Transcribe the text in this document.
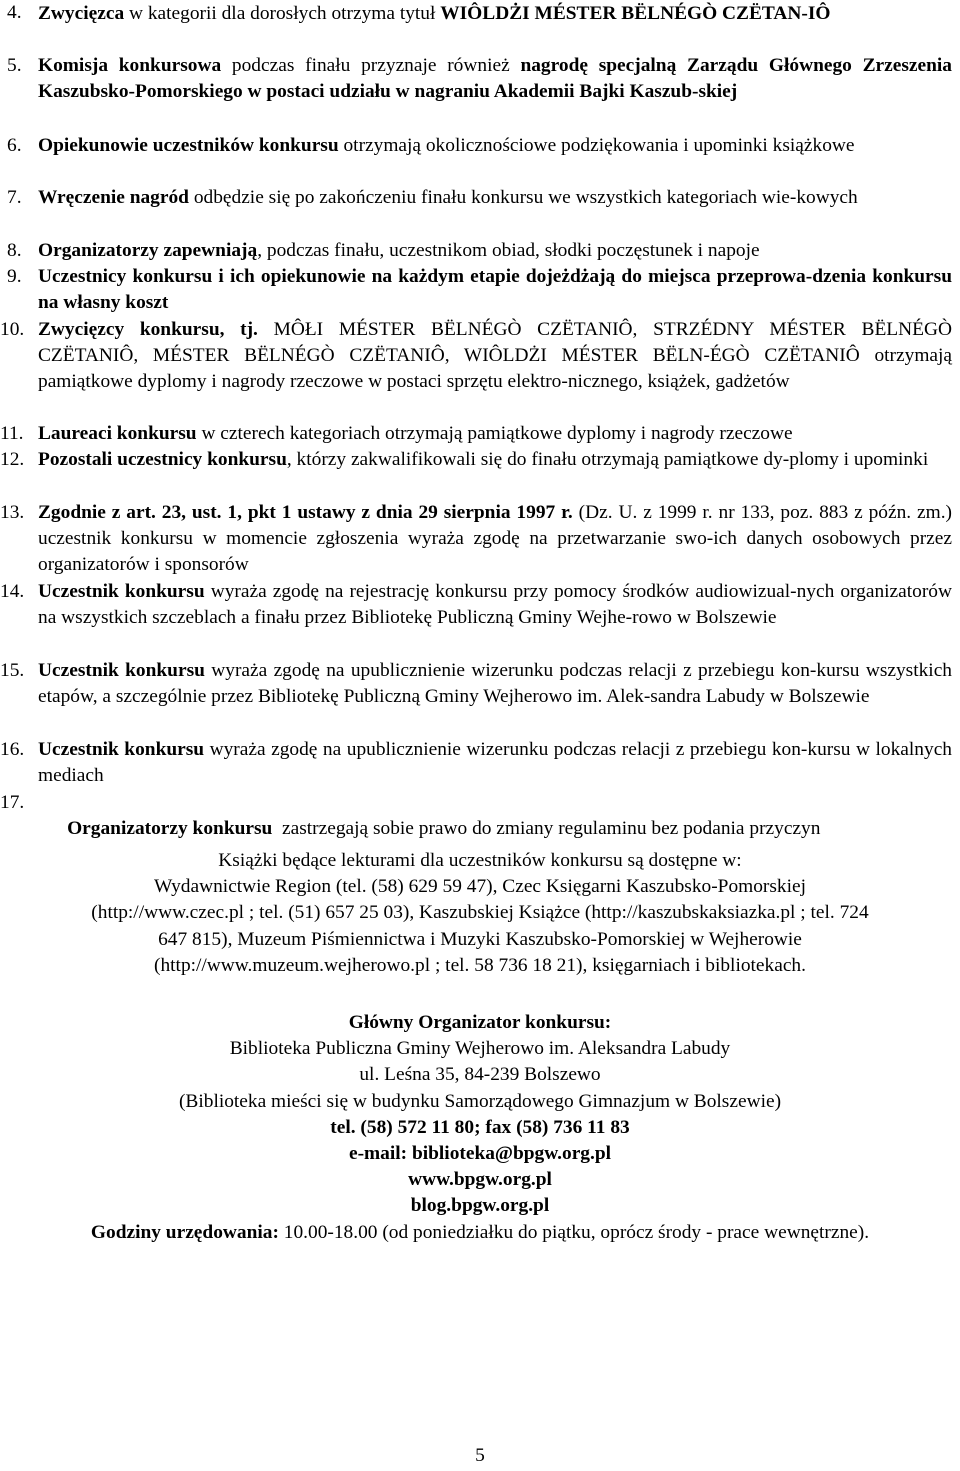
4. Zwycięzca w kategorii dla dorosłych otrzyma tytuł WIÔLDŻI MÉSTER BËLNÉGÒ CZËTAN-IÔ
5. Komisja konkursowa podczas finału przyznaje również nagrodę specjalną Zarządu Głównego Zrzeszenia Kaszubsko-Pomorskiego w postaci udziału w nagraniu Akademii Bajki Kaszub-skiej
6. Opiekunowie uczestników konkursu otrzymają okolicznościowe podziękowania i upominki książkowe
7. Wręczenie nagród odbędzie się po zakończeniu finału konkursu we wszystkich kategoriach wie-kowych
8. Organizatorzy zapewniają, podczas finału, uczestnikom obiad, słodki poczęstunek i napoje
9. Uczestnicy konkursu i ich opiekunowie na każdym etapie dojeżdżają do miejsca przeprowa-dzenia konkursu na własny koszt
10. Zwycięzcy konkursu, tj. MÔŁI MÉSTER BËLNÉGÒ CZËTANIÔ, STRZÉDNY MÉSTER BËLNÉGÒ CZËTANIÔ, MÉSTER BËLNÉGÒ CZËTANIÔ, WIÔLDŻI MÉSTER BËLN-ÉGÒ CZËTANIÔ otrzymają pamiątkowe dyplomy i nagrody rzeczowe w postaci sprzętu elektro-nicznego, książek, gadżetów
11. Laureaci konkursu w czterech kategoriach otrzymają pamiątkowe dyplomy i nagrody rzeczowe
12. Pozostali uczestnicy konkursu, którzy zakwalifikowali się do finału otrzymają pamiątkowe dy-plomy i upominki
13. Zgodnie z art. 23, ust. 1, pkt 1 ustawy z dnia 29 sierpnia 1997 r. (Dz. U. z 1999 r. nr 133, poz. 883 z późn. zm.) uczestnik konkursu w momencie zgłoszenia wyraża zgodę na przetwarzanie swo-ich danych osobowych przez organizatorów i sponsorów
14. Uczestnik konkursu wyraża zgodę na rejestrację konkursu przy pomocy środków audiowizual-nych organizatorów na wszystkich szczeblach a finału przez Bibliotekę Publiczną Gminy Wejhe-rowo w Bolszewie
15. Uczestnik konkursu wyraża zgodę na upublicznienie wizerunku podczas relacji z przebiegu kon-kursu wszystkich etapów, a szczególnie przez Bibliotekę Publiczną Gminy Wejherowo im. Alek-sandra Labudy w Bolszewie
16. Uczestnik konkursu wyraża zgodę na upublicznienie wizerunku podczas relacji z przebiegu kon-kursu w lokalnych mediach

17.
Organizatorzy konkursu  zastrzegają sobie prawo do zmiany regulaminu bez podania przyczyn

Książki będące lekturami dla uczestników konkursu są dostępne w:
Wydawnictwie Region (tel. (58) 629 59 47), Czec Księgarni Kaszubsko-Pomorskiej
(http://www.czec.pl ; tel. (51) 657 25 03), Kaszubskiej Książce (http://kaszubskaksiazka.pl ; tel. 724
647 815), Muzeum Piśmiennictwa i Muzyki Kaszubsko-Pomorskiej w Wejherowie
(http://www.muzeum.wejherowo.pl ; tel. 58 736 18 21), księgarniach i bibliotekach.
Główny Organizator konkursu:
Biblioteka Publiczna Gminy Wejherowo im. Aleksandra Labudy
ul. Leśna 35, 84-239 Bolszewo
(Biblioteka mieści się w budynku Samorządowego Gimnazjum w Bolszewie)
tel. (58) 572 11 80; fax (58) 736 11 83
e-mail: biblioteka@bpgw.org.pl
www.bpgw.org.pl
blog.bpgw.org.pl
Godziny urzędowania: 10.00-18.00 (od poniedziałku do piątku, oprócz środy - prace wewnętrzne).
5
